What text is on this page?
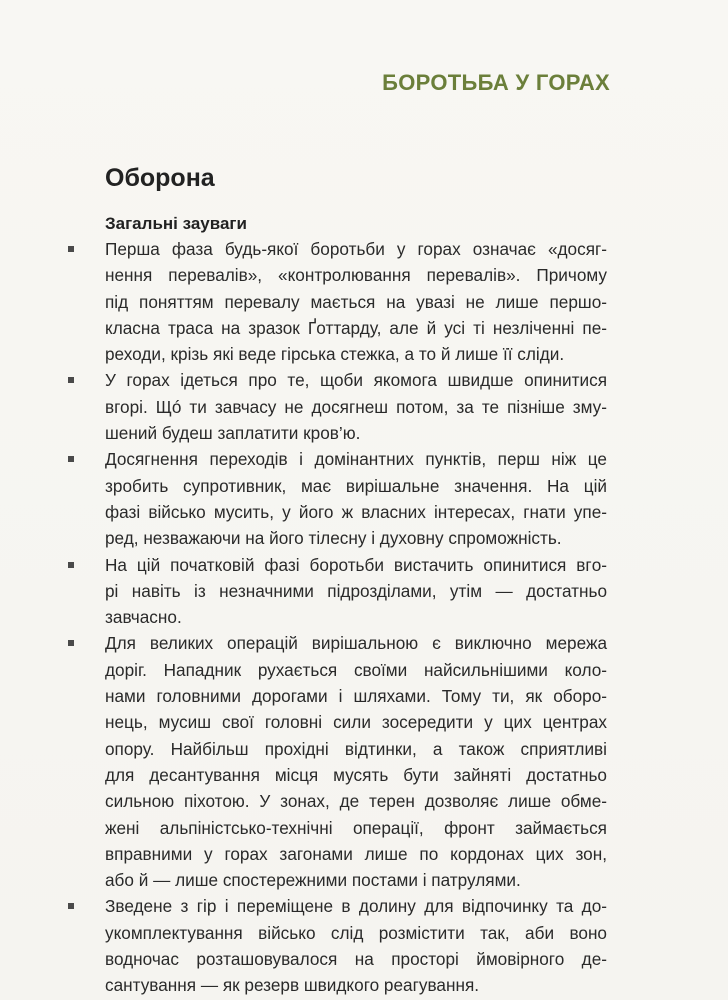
БОРОТЬБА У ГОРАХ
Оборона
Загальні зауваги
Перша фаза будь-якої боротьби у горах означає «досяг-
нення перевалів», «контролювання перевалів». Причому
під поняттям перевалу мається на увазі не лише першо-
класна траса на зразок Ґоттарду, але й усі ті незліченні пе-
реходи, крізь які веде гірська стежка, а то й лише її сліди.
У горах ідеться про те, щоби якомога швидше опинитися
вгорі. Щó ти завчасу не досягнеш потом, за те пізніше зму-
шений будеш заплатити кров’ю.
Досягнення переходів і домінантних пунктів, перш ніж це
зробить супротивник, має вирішальне значення. На цій
фазі військо мусить, у його ж власних інтересах, гнати упе-
ред, незважаючи на його тілесну і духовну спроможність.
На цій початковій фазі боротьби вистачить опинитися вгo-
рі навіть із незначними підрозділами, утім — достатньо
завчасно.
Для великих операцій вирішальною є виключно мережа
доріг. Нападник рухається своїми найсильнішими коло-
нами головними дорогами і шляхами. Тому ти, як оборо-
нець, мусиш свої головні сили зосередити у цих центрах
опору. Найбільш прохідні відтинки, а також сприятливі
для десантування місця мусять бути зайняті достатньо
сильною піхотою. У зонах, де терен дозволяє лише обме-
жені альпіністсько-технічні операції, фронт займається
вправними у горах загонами лише по кордонах цих зон,
або й — лише спостережними постами і патрулями.
Зведене з гір і переміщене в долину для відпочинку та до-
укомплектування військо слід розмістити так, аби воно
водночас розташовувалося на просторі ймовірного де-
сантування — як резерв швидкого реагування.
